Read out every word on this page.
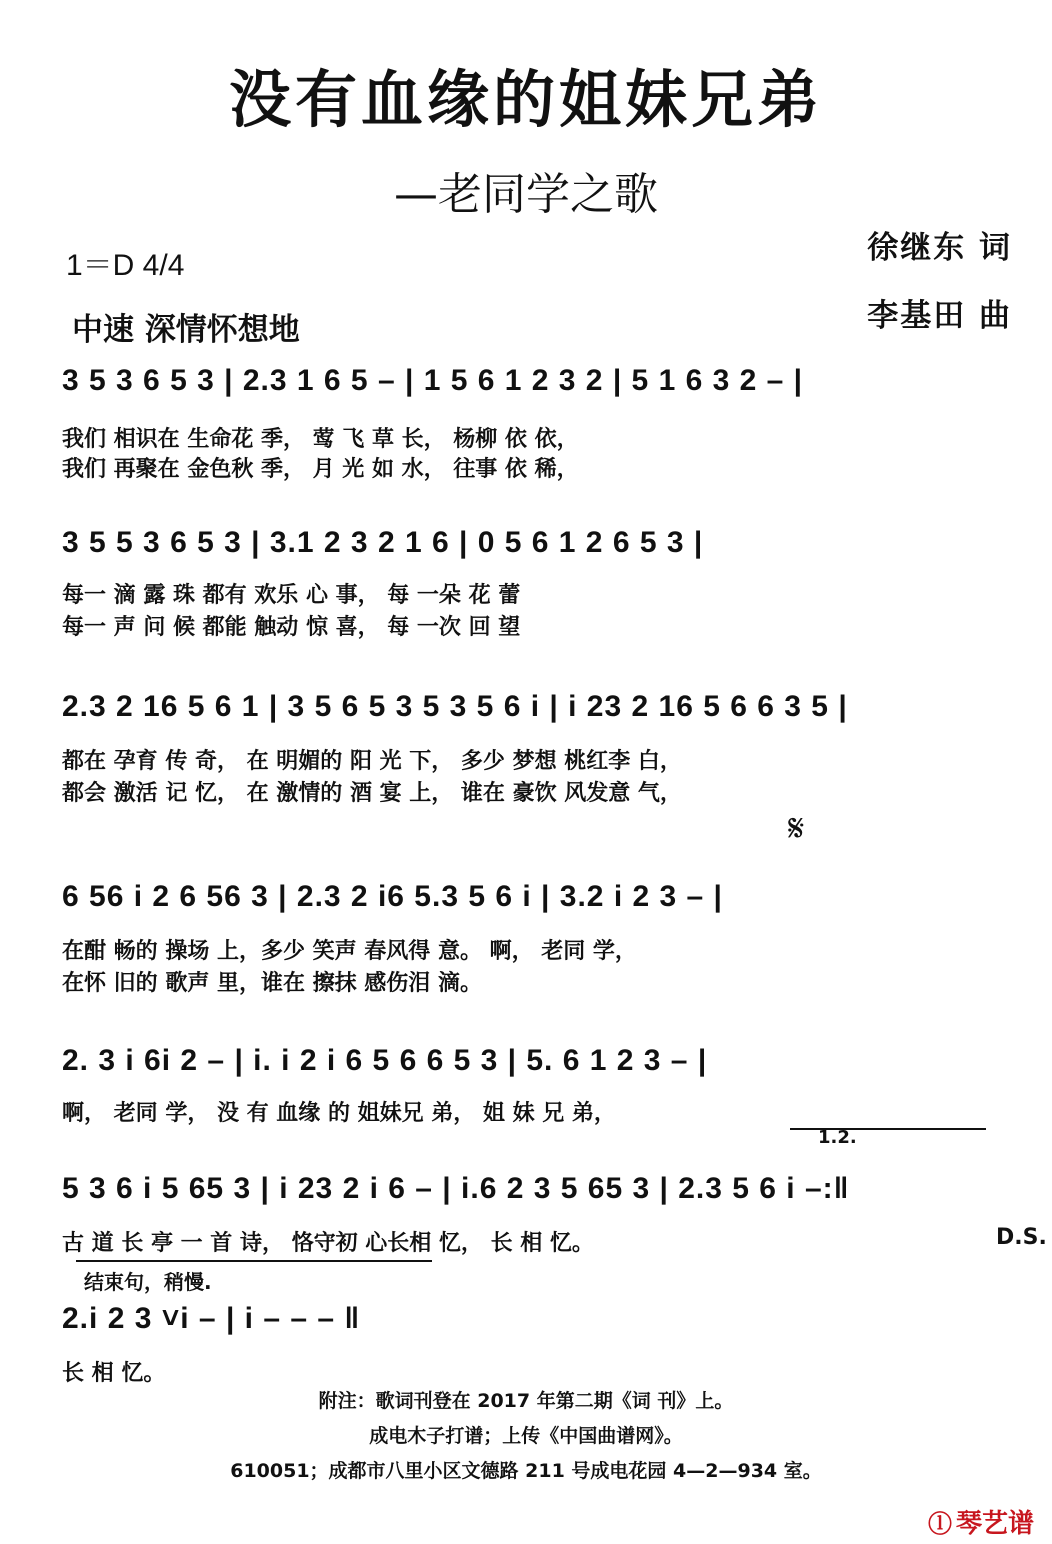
没有血缘的姐妹兄弟
—老同学之歌
1＝D 4/4
中速 深情怀想地
徐继东 词
李基田 曲
3 5 3 6 5 3 | 2.3 1 6 5 – | 1 5 6 1 2 3 2 | 5 1 6 3 2 – |
我们 相识在 生命花 季， 莺 飞 草 长， 杨柳 依 依，
我们 再聚在 金色秋 季， 月 光 如 水， 往事 依 稀，
3 5 5 3 6 5 3 | 3.1 2 3 2 1 6 | 0 5 6 1 2 6 5 3 |
每一 滴 露 珠 都有 欢乐 心 事， 每 一朵 花 蕾
每一 声 问 候 都能 触动 惊 喜， 每 一次 回 望
2.3 2 16 5 6 1 | 3 5 6 5 3 5 3 5 6 i | i 23 2 16 5 6 6 3 5 |
都在 孕育 传 奇， 在 明媚的 阳 光 下， 多少 梦想 桃红李 白，
都会 激活 记 忆， 在 激情的 酒 宴 上， 谁在 豪饮 风发意 气，
𝄋
6 56 i 2 6 56 3 | 2.3 2 i6 5.3 5 6 i | 3.2 i 2 3 – |
在酣 畅的 操场 上，多少 笑声 春风得 意。 啊， 老同 学，
在怀 旧的 歌声 里，谁在 擦抹 感伤泪 滴。
2. 3 i 6i 2 – | i. i 2 i 6 5 6 6 5 3 | 5. 6 1 2 3 – |
啊， 老同 学， 没 有 血缘 的 姐妹兄 弟， 姐 妹 兄 弟，
1.2.
5 3 6 i 5 65 3 | i 23 2 i 6 – | i.6 2 3 5 65 3 | 2.3 5 6 i –:‖
古 道 长 亭 一 首 诗， 恪守初 心长相 忆， 长 相 忆。	D.S.
结束句，稍慢.
2.i 2 3 ˅i – | i – – – ‖
长 相 忆。
附注：歌词刊登在 2017 年第二期《词 刊》上。
成电木子打谱；上传《中国曲谱网》。
610051；成都市八里小区文德路 211 号成电花园 4—2—934 室。
ⓛ 琴艺谱
